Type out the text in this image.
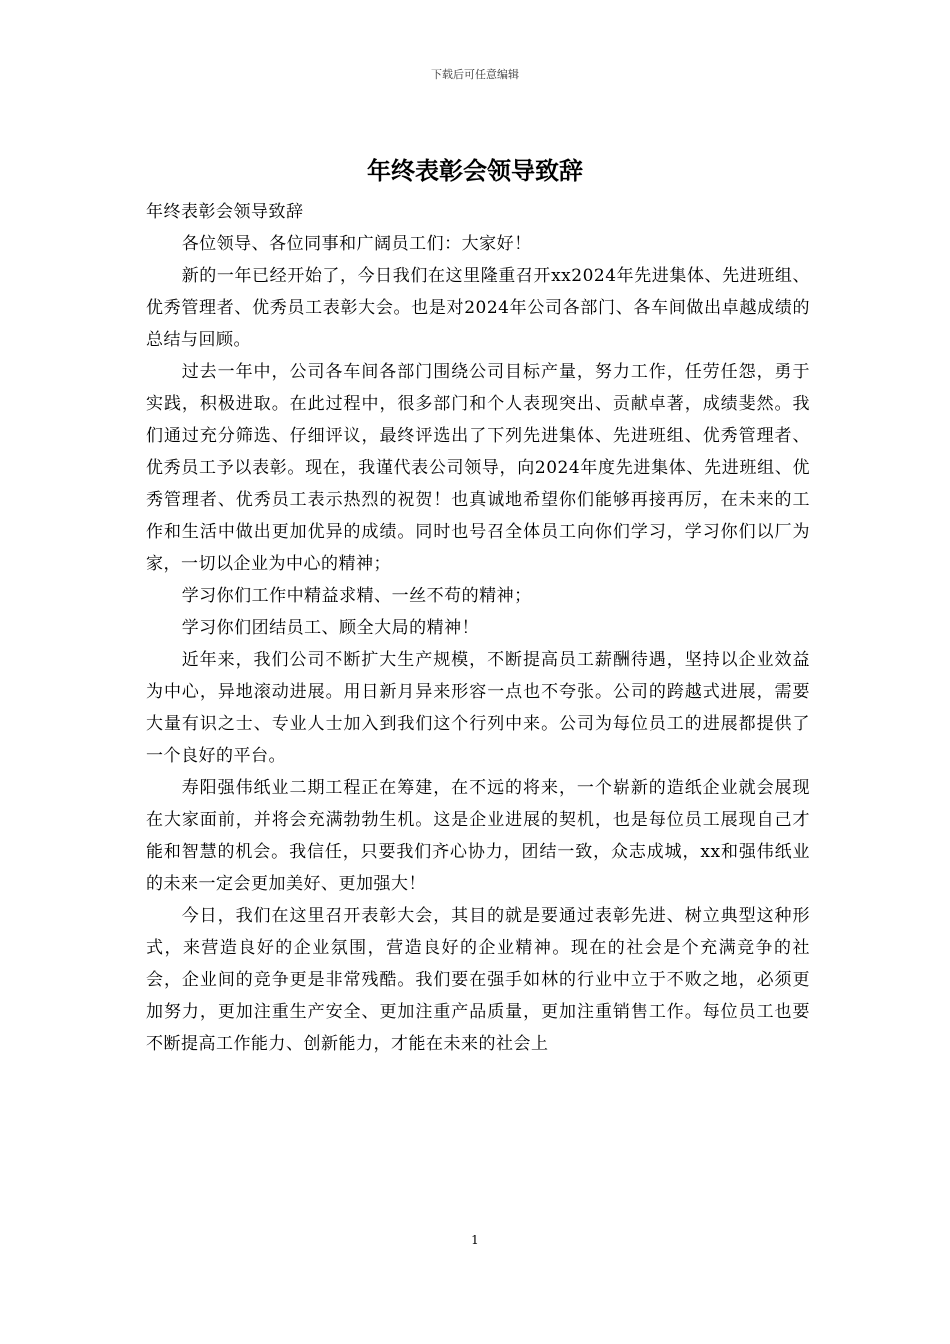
下载后可任意编辑
年终表彰会领导致辞

年终表彰会领导致辞

各位领导、各位同事和广阔员工们：大家好！

新的一年已经开始了，今日我们在这里隆重召开xx2024年先进集体、先进班组、优秀管理者、优秀员工表彰大会。也是对2024年公司各部门、各车间做出卓越成绩的总结与回顾。

过去一年中，公司各车间各部门围绕公司目标产量，努力工作，任劳任怨，勇于实践，积极进取。在此过程中，很多部门和个人表现突出、贡献卓著，成绩斐然。我们通过充分筛选、仔细评议，最终评选出了下列先进集体、先进班组、优秀管理者、优秀员工予以表彰。现在，我谨代表公司领导，向2024年度先进集体、先进班组、优秀管理者、优秀员工表示热烈的祝贺！也真诚地希望你们能够再接再厉，在未来的工作和生活中做出更加优异的成绩。同时也号召全体员工向你们学习，学习你们以厂为家，一切以企业为中心的精神；

学习你们工作中精益求精、一丝不苟的精神；

学习你们团结员工、顾全大局的精神！

近年来，我们公司不断扩大生产规模，不断提高员工薪酬待遇，坚持以企业效益为中心，异地滚动进展。用日新月异来形容一点也不夸张。公司的跨越式进展，需要大量有识之士、专业人士加入到我们这个行列中来。公司为每位员工的进展都提供了一个良好的平台。

寿阳强伟纸业二期工程正在筹建，在不远的将来，一个崭新的造纸企业就会展现在大家面前，并将会充满勃勃生机。这是企业进展的契机，也是每位员工展现自己才能和智慧的机会。我信任，只要我们齐心协力，团结一致，众志成城，xx和强伟纸业的未来一定会更加美好、更加强大！

今日，我们在这里召开表彰大会，其目的就是要通过表彰先进、树立典型这种形式，来营造良好的企业氛围，营造良好的企业精神。现在的社会是个充满竞争的社会，企业间的竞争更是非常残酷。我们要在强手如林的行业中立于不败之地，必须更加努力，更加注重生产安全、更加注重产品质量，更加注重销售工作。每位员工也要不断提高工作能力、创新能力，才能在未来的社会上

1
